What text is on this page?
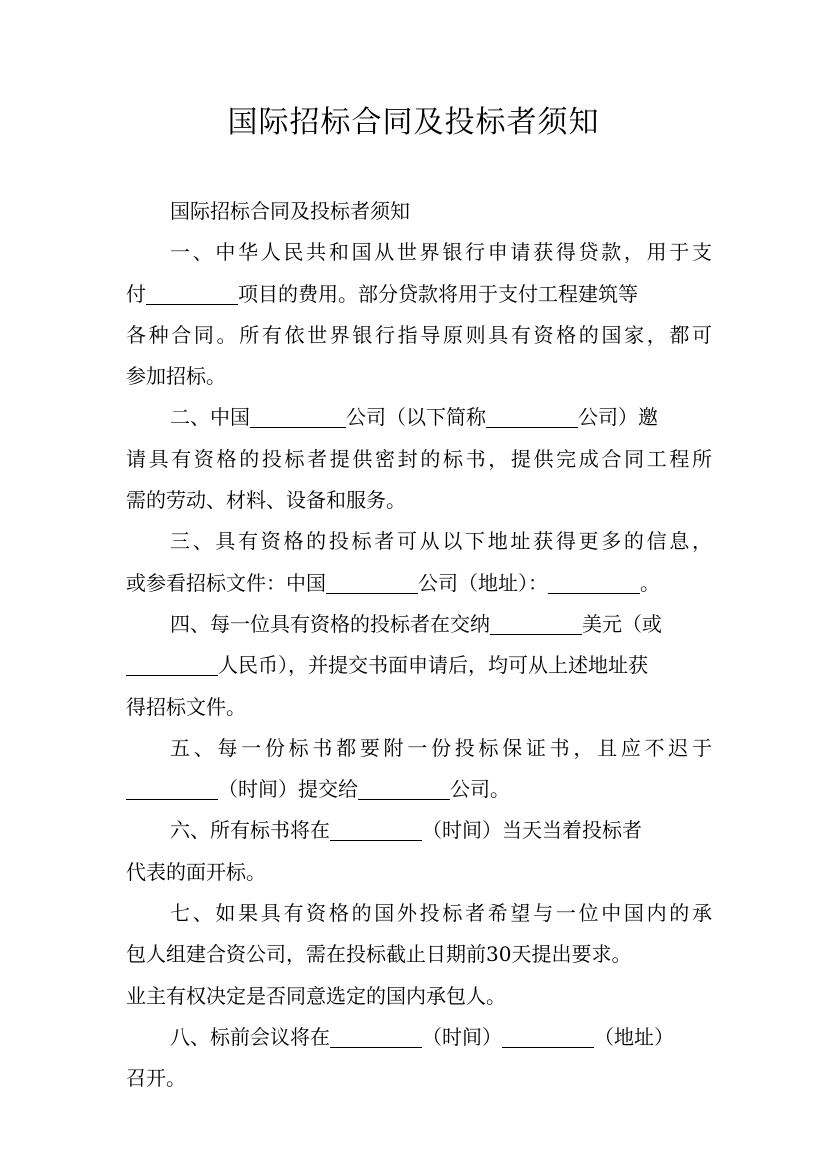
国际招标合同及投标者须知
国际招标合同及投标者须知
一、中华人民共和国从世界银行申请获得贷款，用于支
付	项目的费用。部分贷款将用于支付工程建筑等
各种合同。所有依世界银行指导原则具有资格的国家，都可
参加招标。
二、中国	公司（以下简称	公司）邀
请具有资格的投标者提供密封的标书，提供完成合同工程所
需的劳动、材料、设备和服务。
三、具有资格的投标者可从以下地址获得更多的信息，
或参看招标文件：中国	公司（地址）：	。
四、每一位具有资格的投标者在交纳	美元（或
人民币），并提交书面申请后，均可从上述地址获
得招标文件。
五、每一份标书都要附一份投标保证书，且应不迟于
（时间）提交给	公司。
六、所有标书将在	（时间）当天当着投标者
代表的面开标。
七、如果具有资格的国外投标者希望与一位中国内的承
包人组建合资公司，需在投标截止日期前30天提出要求。
业主有权决定是否同意选定的国内承包人。
八、标前会议将在	（时间）	（地址）
召开。
